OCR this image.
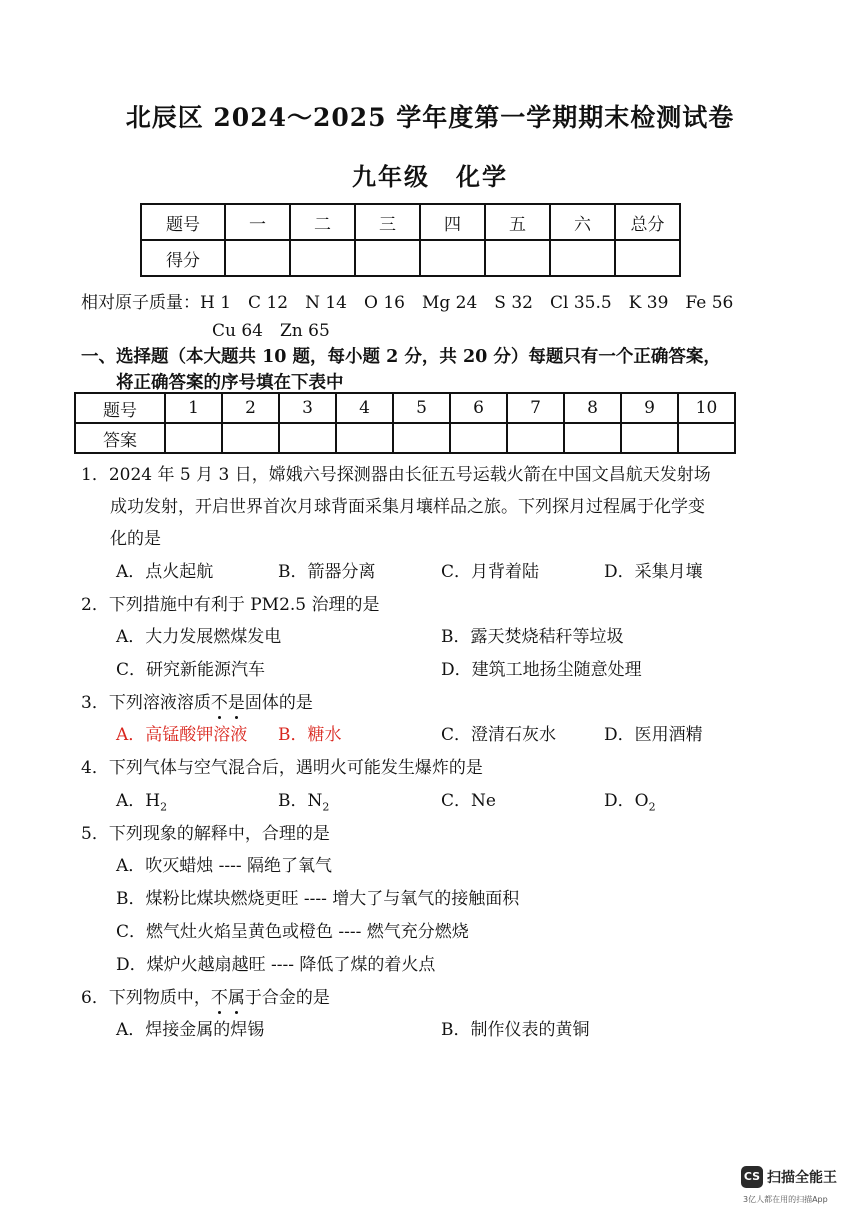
北辰区 2024～2025 学年度第一学期期末检测试卷
九年级　化学
题号	一	二	三	四	五	六	总分
得分							
相对原子质量：H 1　C 12　N 14　O 16　Mg 24　S 32　Cl 35.5　K 39　Fe 56
Cu 64　Zn 65
一、选择题（本大题共 10 题，每小题 2 分，共 20 分）每题只有一个正确答案，
将正确答案的序号填在下表中
题号	1	2	3	4	5	6	7	8	9	10
答案										
1．2024 年 5 月 3 日，嫦娥六号探测器由长征五号运载火箭在中国文昌航天发射场
成功发射，开启世界首次月球背面采集月壤样品之旅。下列探月过程属于化学变
化的是
A．点火起航	B．箭器分离	C．月背着陆	D．采集月壤
2．下列措施中有利于 PM2.5 治理的是
A．大力发展燃煤发电	B．露天焚烧秸秆等垃圾
C．研究新能源汽车	D．建筑工地扬尘随意处理
3．下列溶液溶质不是固体的是
A．高锰酸钾溶液 B．糖水	C．澄清石灰水	D．医用酒精
4．下列气体与空气混合后，遇明火可能发生爆炸的是
A．$H_2$	B．$N_2$	C．Ne	D．$O_2$
5．下列现象的解释中，合理的是
A．吹灭蜡烛 ---- 隔绝了氧气
B．煤粉比煤块燃烧更旺 ---- 增大了与氧气的接触面积
C．燃气灶火焰呈黄色或橙色 ---- 燃气充分燃烧
D．煤炉火越扇越旺 ---- 降低了煤的着火点
6．下列物质中，不属于合金的是
A．焊接金属的焊锡	B．制作仪表的黄铜
CS 扫描全能王
3亿人都在用的扫描App
